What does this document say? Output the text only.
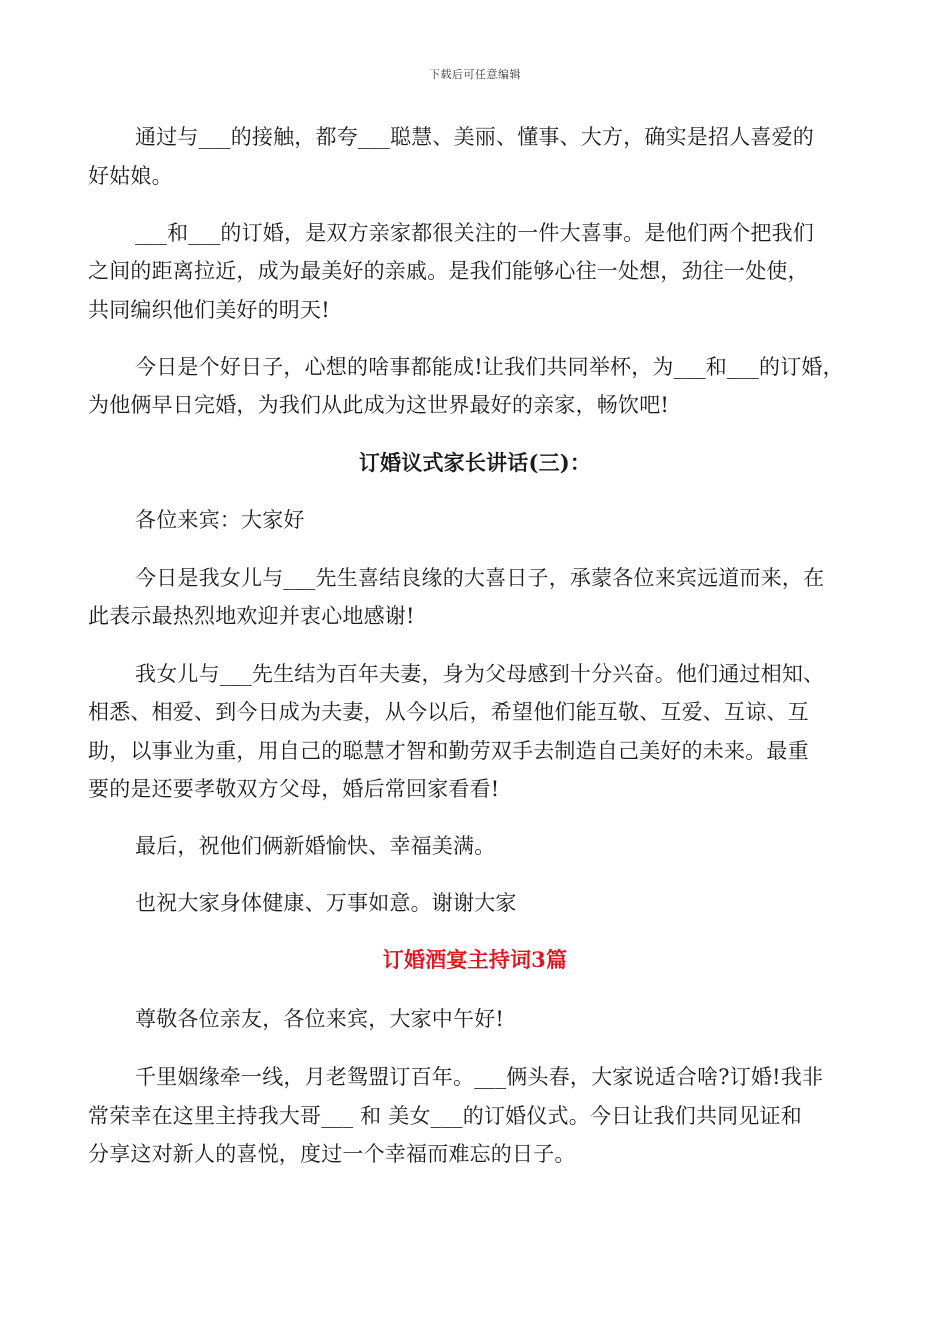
下载后可任意编辑
通过与___的接触，都夸___聪慧、美丽、懂事、大方，确实是招人喜爱的
好姑娘。
___和___的订婚，是双方亲家都很关注的一件大喜事。是他们两个把我们
之间的距离拉近，成为最美好的亲戚。是我们能够心往一处想，劲往一处使，
共同编织他们美好的明天!
今日是个好日子，心想的啥事都能成!让我们共同举杯，为___和___的订婚，
为他俩早日完婚，为我们从此成为这世界最好的亲家，畅饮吧!
订婚议式家长讲话(三)：
各位来宾：大家好
今日是我女儿与___先生喜结良缘的大喜日子，承蒙各位来宾远道而来，在
此表示最热烈地欢迎并衷心地感谢!
我女儿与___先生结为百年夫妻，身为父母感到十分兴奋。他们通过相知、
相悉、相爱、到今日成为夫妻，从今以后，希望他们能互敬、互爱、互谅、互
助，以事业为重，用自己的聪慧才智和勤劳双手去制造自己美好的未来。最重
要的是还要孝敬双方父母，婚后常回家看看!
最后，祝他们俩新婚愉快、幸福美满。
也祝大家身体健康、万事如意。谢谢大家
订婚酒宴主持词3篇
尊敬各位亲友，各位来宾，大家中午好!
千里姻缘牵一线，月老鸳盟订百年。___俩头春，大家说适合啥?订婚!我非
常荣幸在这里主持我大哥___ 和 美女___的订婚仪式。今日让我们共同见证和
分享这对新人的喜悦，度过一个幸福而难忘的日子。
